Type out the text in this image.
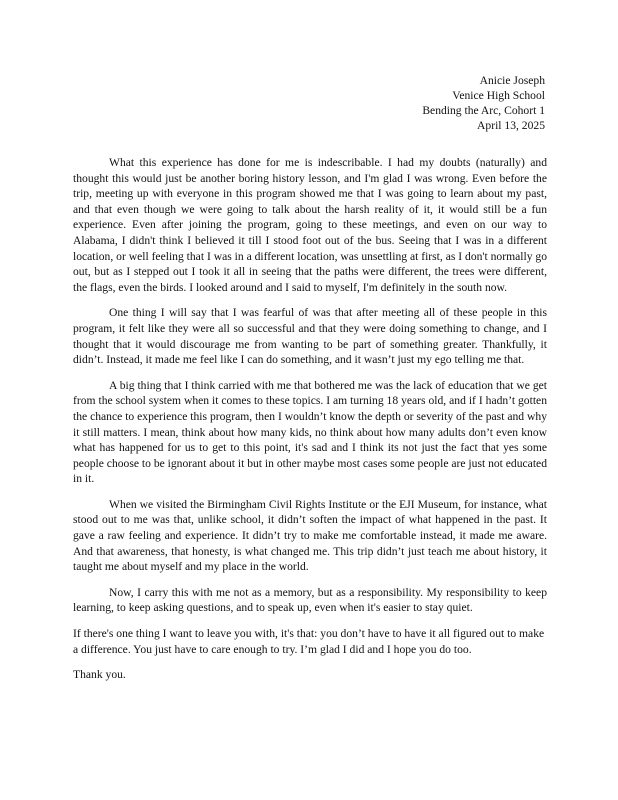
Anicie Joseph
Venice High School
Bending the Arc, Cohort 1
April 13, 2025

What this experience has done for me is indescribable. I had my doubts (naturally) and thought this would just be another boring history lesson, and I'm glad I was wrong. Even before the trip, meeting up with everyone in this program showed me that I was going to learn about my past, and that even though we were going to talk about the harsh reality of it, it would still be a fun experience. Even after joining the program, going to these meetings, and even on our way to Alabama, I didn't think I believed it till I stood foot out of the bus. Seeing that I was in a different location, or well feeling that I was in a different location, was unsettling at first, as I don't normally go out, but as I stepped out I took it all in seeing that the paths were different, the trees were different, the flags, even the birds. I looked around and I said to myself, I'm definitely in the south now.

One thing I will say that I was fearful of was that after meeting all of these people in this program, it felt like they were all so successful and that they were doing something to change, and I thought that it would discourage me from wanting to be part of something greater. Thankfully, it didn’t. Instead, it made me feel like I can do something, and it wasn’t just my ego telling me that.

A big thing that I think carried with me that bothered me was the lack of education that we get from the school system when it comes to these topics. I am turning 18 years old, and if I hadn’t gotten the chance to experience this program, then I wouldn’t know the depth or severity of the past and why it still matters. I mean, think about how many kids, no think about how many adults don’t even know what has happened for us to get to this point, it's sad and I think its not just the fact that yes some people choose to be ignorant about it but in other maybe most cases some people are just not educated in it.

When we visited the Birmingham Civil Rights Institute or the EJI Museum, for instance, what stood out to me was that, unlike school, it didn’t soften the impact of what happened in the past. It gave a raw feeling and experience. It didn’t try to make me comfortable instead, it made me aware. And that awareness, that honesty, is what changed me. This trip didn’t just teach me about history, it taught me about myself and my place in the world.

Now, I carry this with me not as a memory, but as a responsibility. My responsibility to keep learning, to keep asking questions, and to speak up, even when it's easier to stay quiet.

If there's one thing I want to leave you with, it's that: you don’t have to have it all figured out to make a difference. You just have to care enough to try. I’m glad I did and I hope you do too.

Thank you.
